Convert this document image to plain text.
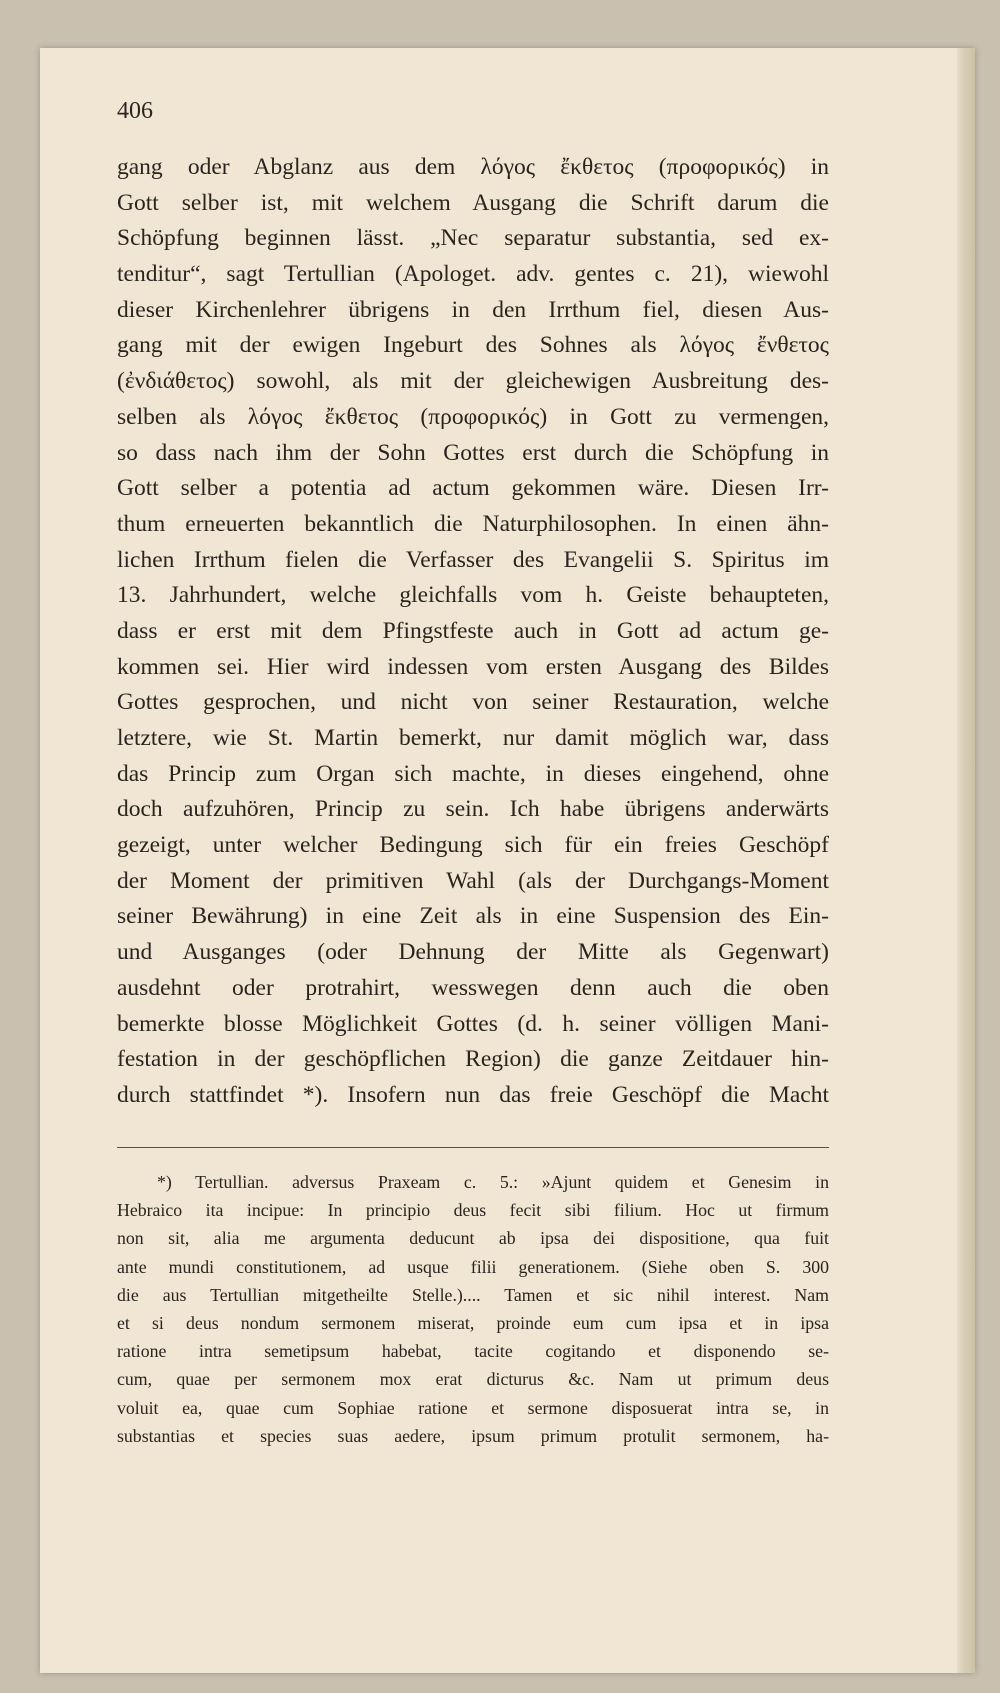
406
gang oder Abglanz aus dem λόγος ἔκθετος (προφορικός) in
Gott selber ist, mit welchem Ausgang die Schrift darum die
Schöpfung beginnen lässt. „Nec separatur substantia, sed ex-
tenditur“, sagt Tertullian (Apologet. adv. gentes c. 21), wiewohl
dieser Kirchenlehrer übrigens in den Irrthum fiel, diesen Aus-
gang mit der ewigen Ingeburt des Sohnes als λόγος ἔνθετος
(ἐνδιάθετος) sowohl, als mit der gleichewigen Ausbreitung des-
selben als λόγος ἔκθετος (προφορικός) in Gott zu vermengen,
so dass nach ihm der Sohn Gottes erst durch die Schöpfung in
Gott selber a potentia ad actum gekommen wäre. Diesen Irr-
thum erneuerten bekanntlich die Naturphilosophen. In einen ähn-
lichen Irrthum fielen die Verfasser des Evangelii S. Spiritus im
13. Jahrhundert, welche gleichfalls vom h. Geiste behaupteten,
dass er erst mit dem Pfingstfeste auch in Gott ad actum ge-
kommen sei. Hier wird indessen vom ersten Ausgang des Bildes
Gottes gesprochen, und nicht von seiner Restauration, welche
letztere, wie St. Martin bemerkt, nur damit möglich war, dass
das Princip zum Organ sich machte, in dieses eingehend, ohne
doch aufzuhören, Princip zu sein. Ich habe übrigens anderwärts
gezeigt, unter welcher Bedingung sich für ein freies Geschöpf
der Moment der primitiven Wahl (als der Durchgangs-Moment
seiner Bewährung) in eine Zeit als in eine Suspension des Ein-
und Ausganges (oder Dehnung der Mitte als Gegenwart)
ausdehnt oder protrahirt, wesswegen denn auch die oben
bemerkte blosse Möglichkeit Gottes (d. h. seiner völligen Mani-
festation in der geschöpflichen Region) die ganze Zeitdauer hin-
durch stattfindet *). Insofern nun das freie Geschöpf die Macht
*) Tertullian. adversus Praxeam c. 5.: »Ajunt quidem et Genesim in
Hebraico ita incipue: In principio deus fecit sibi filium. Hoc ut firmum
non sit, alia me argumenta deducunt ab ipsa dei dispositione, qua fuit
ante mundi constitutionem, ad usque filii generationem. (Siehe oben S. 300
die aus Tertullian mitgetheilte Stelle.).... Tamen et sic nihil interest. Nam
et si deus nondum sermonem miserat, proinde eum cum ipsa et in ipsa
ratione intra semetipsum habebat, tacite cogitando et disponendo se-
cum, quae per sermonem mox erat dicturus &c. Nam ut primum deus
voluit ea, quae cum Sophiae ratione et sermone disposuerat intra se, in
substantias et species suas aedere, ipsum primum protulit sermonem, ha-
